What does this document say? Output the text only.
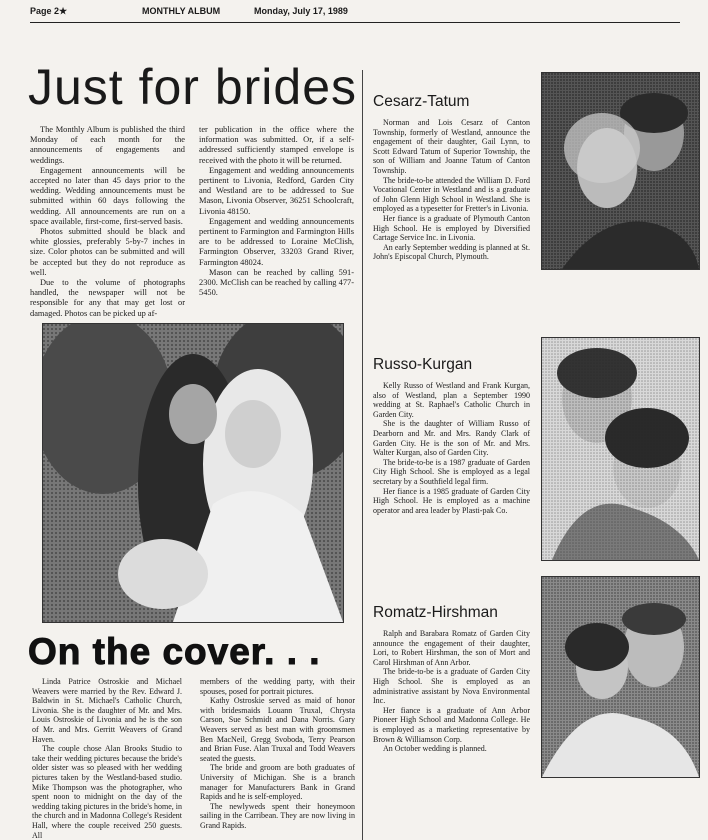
Page 2★	MONTHLY ALBUM	Monday, July 17, 1989
Just for brides

The Monthly Album is published the third Monday of each month for the announcements of engagements and weddings.

Engagement announcements will be accepted no later than 45 days prior to the wedding. Wedding announcements must be submitted within 60 days following the wedding. All announcements are run on a space available, first-come, first-served basis.

Photos submitted should be black and white glossies, preferably 5-by-7 inches in size. Color photos can be submitted and will be accepted but they do not reproduce as well.

Due to the volume of photographs handled, the newspaper will not be responsible for any that may get lost or damaged. Photos can be picked up af-

ter publication in the office where the information was submitted. Or, if a self-addressed sufficiently stamped envelope is received with the photo it will be returned.

Engagement and wedding announcements pertinent to Livonia, Redford, Garden City and Westland are to be addressed to Sue Mason, Livonia Observer, 36251 Schoolcraft, Livonia 48150.

Engagement and wedding announcements pertinent to Farmington and Farmington Hills are to be addressed to Loraine McClish, Farmington Observer, 33203 Grand River, Farmington 48024.

Mason can be reached by calling 591-2300. McClish can be reached by calling 477-5450.

On the cover. . .

Linda Patrice Ostroskie and Michael Weavers were married by the Rev. Edward J. Baldwin in St. Michael's Catholic Church, Livonia. She is the daughter of Mr. and Mrs. Louis Ostroskie of Livonia and he is the son of Mr. and Mrs. Gerritt Weavers of Grand Haven.

The couple chose Alan Brooks Studio to take their wedding pictures because the bride's older sister was so pleased with her wedding pictures taken by the Westland-based studio. Mike Thompson was the photographer, who spent noon to midnight on the day of the wedding taking pictures in the bride's home, in the church and in Madonna College's Resident Hall, where the couple received 250 guests. All

members of the wedding party, with their spouses, posed for portrait pictures.

Kathy Ostroskie served as maid of honor with bridesmaids Louann Truxal, Chrysta Carson, Sue Schmidt and Dana Norris. Gary Weavers served as best man with groomsmen Ben MacNeil, Gregg Svoboda, Terry Pearson and Brian Fuse. Alan Truxal and Todd Weavers seated the guests.

The bride and groom are both graduates of University of Michigan. She is a branch manager for Manufacturers Bank in Grand Rapids and he is self-employed.

The newlyweds spent their honeymoon sailing in the Carribean. They are now living in Grand Rapids.

Cesarz-Tatum

Norman and Lois Cesarz of Canton Township, formerly of Westland, announce the engagement of their daughter, Gail Lynn, to Scott Edward Tatum of Superior Township, the son of William and Joanne Tatum of Canton Township.

The bride-to-be attended the William D. Ford Vocational Center in Westland and is a graduate of John Glenn High School in Westland. She is employed as a typesetter for Fretter's in Livonia.

Her fiance is a graduate of Plymouth Canton High School. He is employed by Diversified Cartage Service Inc. in Livonia.

An early September wedding is planned at St. John's Episcopal Church, Plymouth.

Russo-Kurgan

Kelly Russo of Westland and Frank Kurgan, also of Westland, plan a September 1990 wedding at St. Raphael's Catholic Church in Garden City.

She is the daughter of William Russo of Dearborn and Mr. and Mrs. Randy Clark of Garden City. He is the son of Mr. and Mrs. Walter Kurgan, also of Garden City.

The bride-to-be is a 1987 graduate of Garden City High School. She is employed as a legal secretary by a Southfield legal firm.

Her fiance is a 1985 graduate of Garden City High School. He is employed as a machine operator and area leader by Plasti-pak Co.

Romatz-Hirshman

Ralph and Barabara Romatz of Garden City announce the engagement of their daughter, Lori, to Robert Hirshman, the son of Mort and Carol Hirshman of Ann Arbor.

The bride-to-be is a graduate of Garden City High School. She is employed as an administrative assistant by Nova Environmental Inc.

Her fiance is a graduate of Ann Arbor Pioneer High School and Madonna College. He is employed as a marketing representative by Brown & Williamson Corp.

An October wedding is planned.
